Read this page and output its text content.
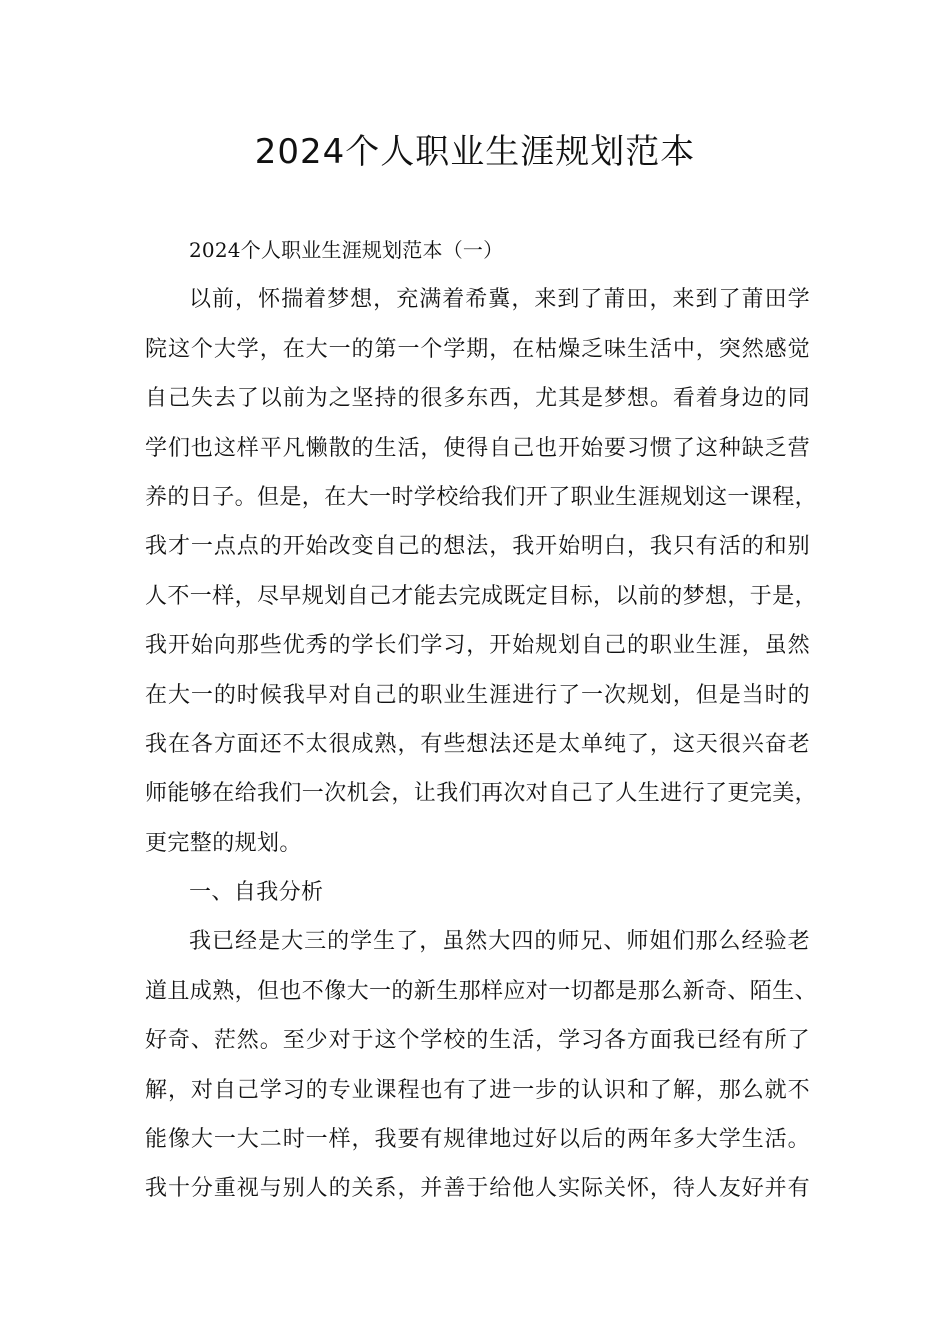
2024个人职业生涯规划范本
2024个人职业生涯规划范本（一）
以前，怀揣着梦想，充满着希冀，来到了莆田，来到了莆田学
院这个大学，在大一的第一个学期，在枯燥乏味生活中，突然感觉
自己失去了以前为之坚持的很多东西，尤其是梦想。看着身边的同
学们也这样平凡懒散的生活，使得自己也开始要习惯了这种缺乏营
养的日子。但是，在大一时学校给我们开了职业生涯规划这一课程，
我才一点点的开始改变自己的想法，我开始明白，我只有活的和别
人不一样，尽早规划自己才能去完成既定目标，以前的梦想，于是，
我开始向那些优秀的学长们学习，开始规划自己的职业生涯，虽然
在大一的时候我早对自己的职业生涯进行了一次规划，但是当时的
我在各方面还不太很成熟，有些想法还是太单纯了，这天很兴奋老
师能够在给我们一次机会，让我们再次对自己了人生进行了更完美，
更完整的规划。
一、自我分析
我已经是大三的学生了，虽然大四的师兄、师姐们那么经验老
道且成熟，但也不像大一的新生那样应对一切都是那么新奇、陌生、
好奇、茫然。至少对于这个学校的生活，学习各方面我已经有所了
解，对自己学习的专业课程也有了进一步的认识和了解，那么就不
能像大一大二时一样，我要有规律地过好以后的两年多大学生活。
我十分重视与别人的关系，并善于给他人实际关怀，待人友好并有
